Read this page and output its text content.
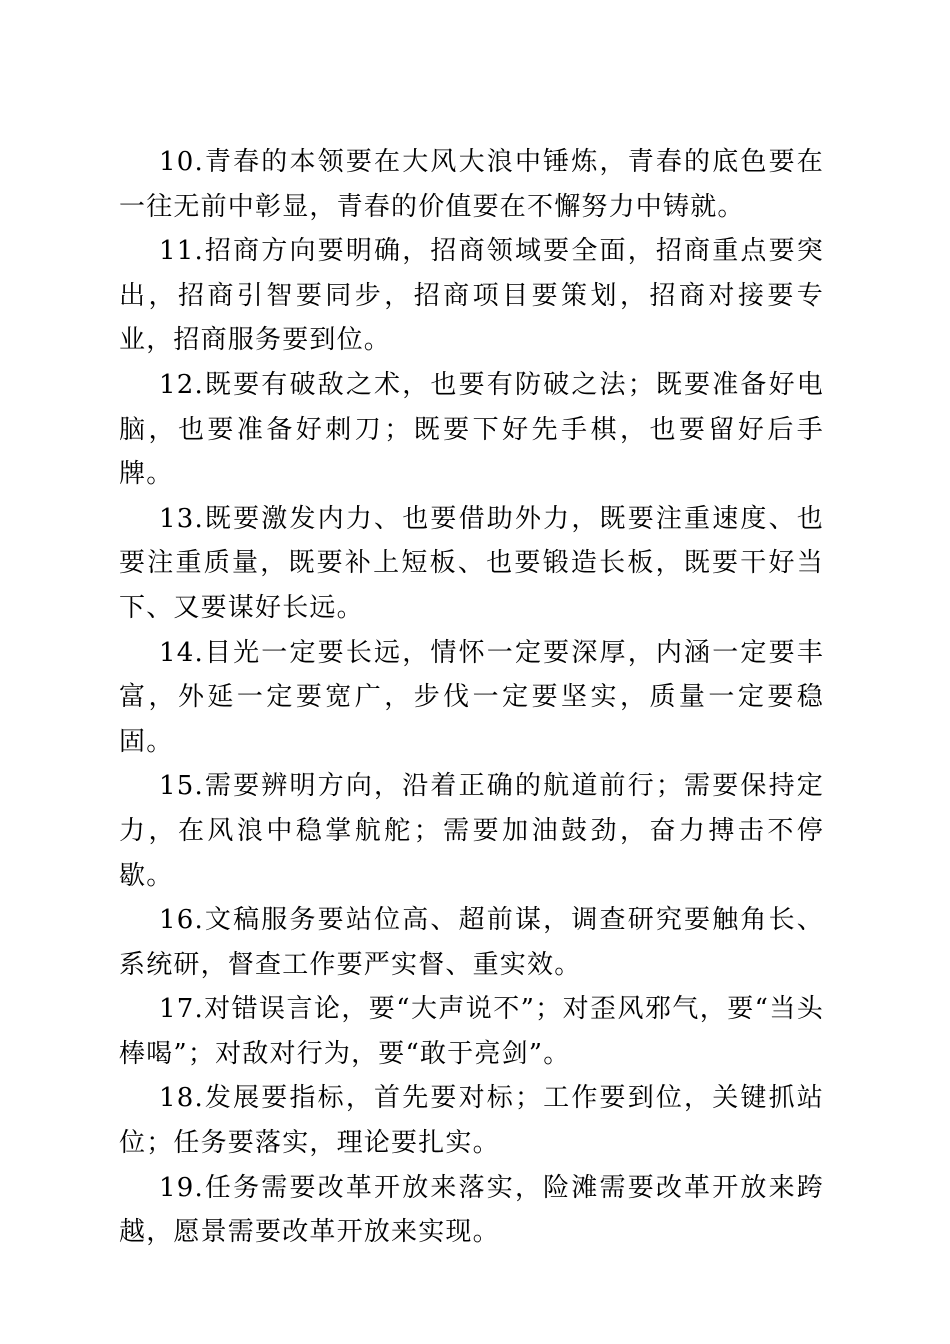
10.青春的本领要在大风大浪中锤炼，青春的底色要在一往无前中彰显，青春的价值要在不懈努力中铸就。

11.招商方向要明确，招商领域要全面，招商重点要突出，招商引智要同步，招商项目要策划，招商对接要专业，招商服务要到位。

12.既要有破敌之术，也要有防破之法；既要准备好电脑，也要准备好刺刀；既要下好先手棋，也要留好后手牌。

13.既要激发内力、也要借助外力，既要注重速度、也要注重质量，既要补上短板、也要锻造长板，既要干好当下、又要谋好长远。

14.目光一定要长远，情怀一定要深厚，内涵一定要丰富，外延一定要宽广，步伐一定要坚实，质量一定要稳固。

15.需要辨明方向，沿着正确的航道前行；需要保持定力，在风浪中稳掌航舵；需要加油鼓劲，奋力搏击不停歇。

16.文稿服务要站位高、超前谋，调查研究要触角长、系统研，督查工作要严实督、重实效。

17.对错误言论，要“大声说不”；对歪风邪气，要“当头棒喝”；对敌对行为，要“敢于亮剑”。

18.发展要指标，首先要对标；工作要到位，关键抓站位；任务要落实，理论要扎实。

19.任务需要改革开放来落实，险滩需要改革开放来跨越，愿景需要改革开放来实现。
